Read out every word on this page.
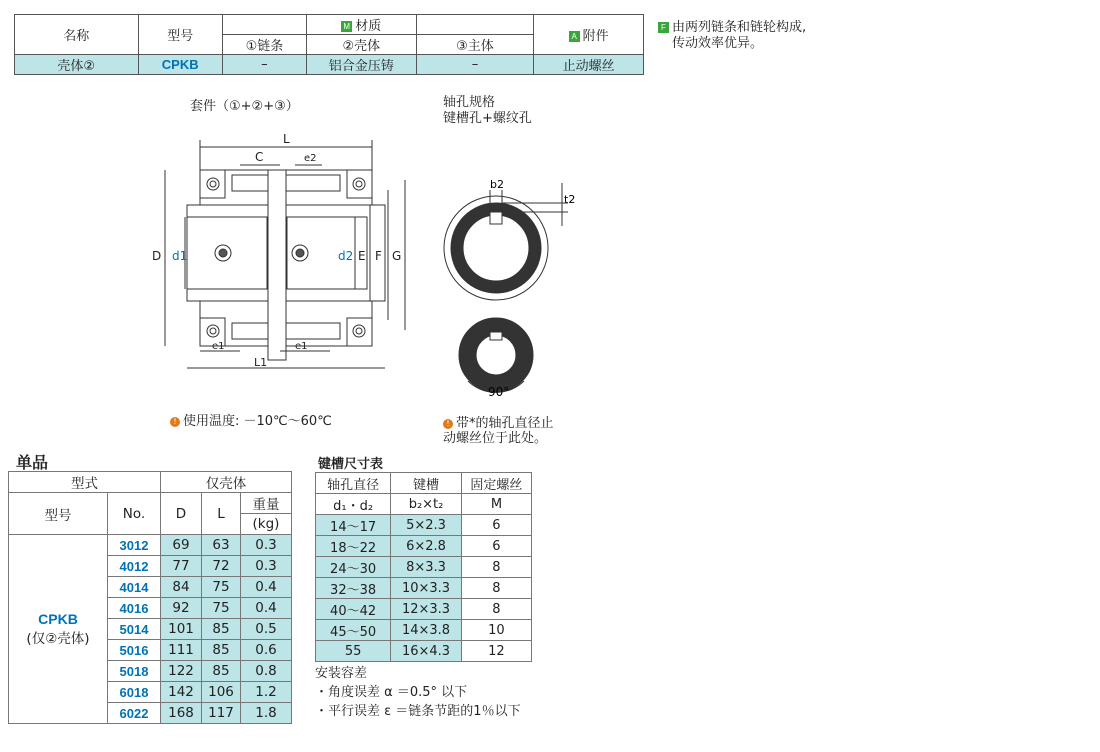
名称	型号		M 材质		A 附件
		①链条	②壳体	③主体	
壳体②	CPKB	–	铝合金压铸	–	止动螺丝
F 由两列链条和链轮构成,
传动效率优异。
套件（①+②+③）	轴孔规格
键槽孔+螺纹孔
L
C	e2
D d1	d2 E F G
e1	e1
L1
b2
t2
90°
! 使用温度: －10℃～60℃	! 带*的轴孔直径止
动螺丝位于此处。
单品
型式		仅壳体		
型号	No.	D	L	重量
				(kg)

CPKB
(仅②壳体)	3012	69	63	0.3
	4012	77	72	0.3
	4014	84	75	0.4
	4016	92	75	0.4
	5014	101	85	0.5
	5016	111	85	0.6
	5018	122	85	0.8
	6018	142	106	1.2
	6022	168	117	1.8
键槽尺寸表
轴孔直径	键槽	固定螺丝
d₁・d₂	b₂×t₂	M
14～17	5×2.3	6
18～22	6×2.8	6
24～30	8×3.3	8
32～38	10×3.3	8
40～42	12×3.3	8
45～50	14×3.8	10
55	16×4.3	12
安装容差
・角度误差 α ＝0.5° 以下
・平行误差 ε ＝链条节距的1％以下
